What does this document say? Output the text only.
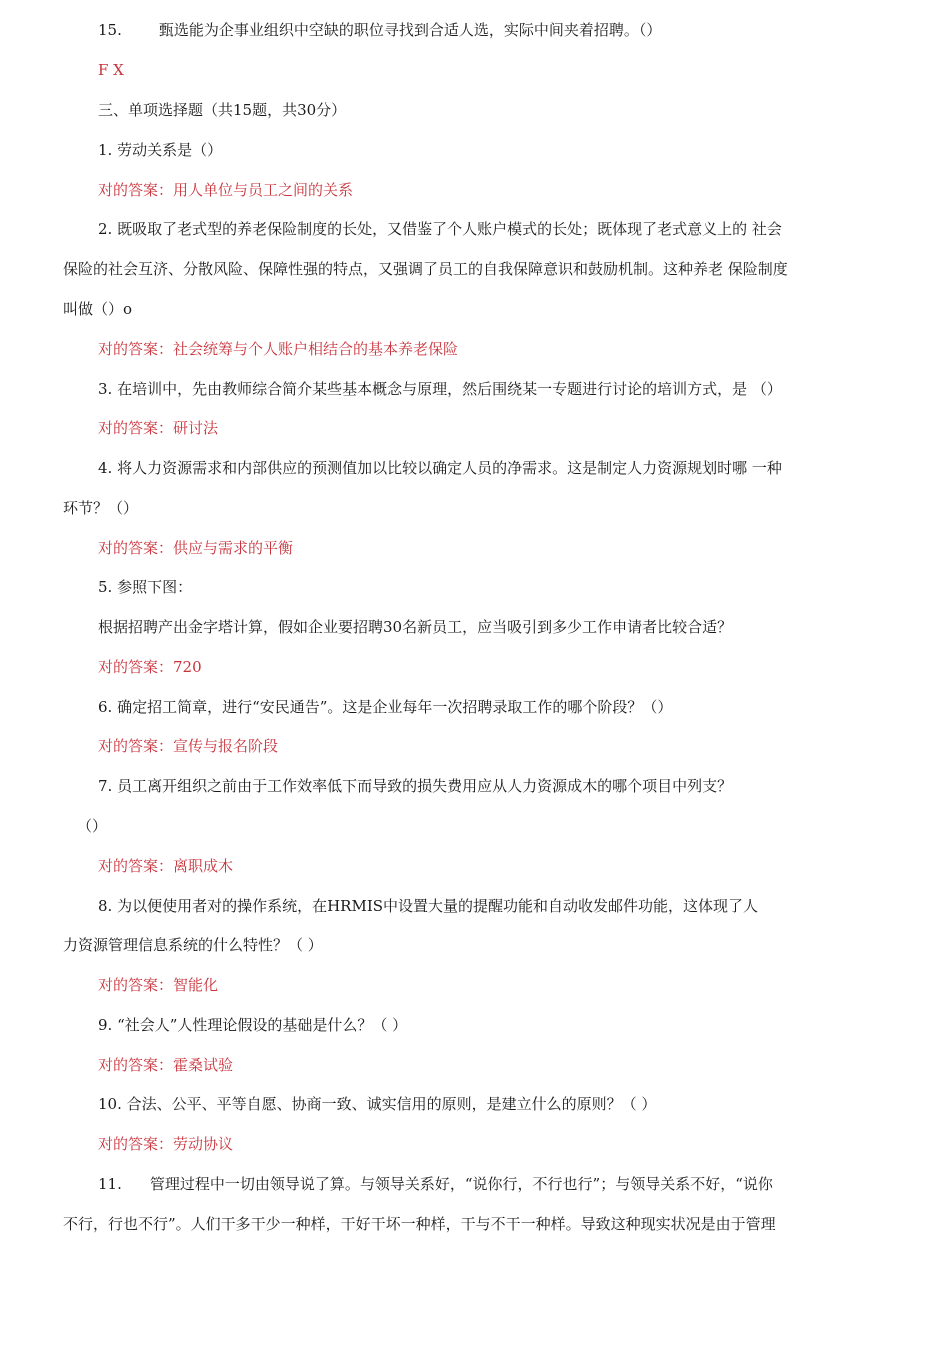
15. 甄选能为企事业组织中空缺的职位寻找到合适人选，实际中间夹着招聘。（）
F X
三、单项选择题（共15题，共30分）
1. 劳动关系是（）
对的答案：用人单位与员工之间的关系
2. 既吸取了老式型的养老保险制度的长处，又借鉴了个人账户模式的长处；既体现了老式意义上的 社会
保险的社会互济、分散风险、保障性强的特点，又强调了员工的自我保障意识和鼓励机制。这种养老 保险制度
叫做（）o
对的答案：社会统筹与个人账户相结合的基本养老保险
3. 在培训中，先由教师综合简介某些基本概念与原理，然后围绕某一专题进行讨论的培训方式，是 （）
对的答案：研讨法
4. 将人力资源需求和内部供应的预测值加以比较以确定人员的净需求。这是制定人力资源规划时哪 一种
环节？（）
对的答案：供应与需求的平衡
5. 参照下图：
根据招聘产出金字塔计算，假如企业要招聘30名新员工，应当吸引到多少工作申请者比较合适？
对的答案：720
6. 确定招工简章，进行“安民通告”。这是企业每年一次招聘录取工作的哪个阶段？（）
对的答案：宣传与报名阶段
7. 员工离开组织之前由于工作效率低下而导致的损失费用应从人力资源成木的哪个项目中列支？
（）
对的答案：离职成木
8. 为以便使用者对的操作系统，在HRMIS中设置大量的提醒功能和自动收发邮件功能，这体现了人
力资源管理信息系统的什么特性？（ ）
对的答案：智能化
9. “社会人”人性理论假设的基础是什么？（ ）
对的答案：霍桑试验
10. 合法、公平、平等自愿、协商一致、诚实信用的原则，是建立什么的原则？（ ）
对的答案：劳动协议
11. 管理过程中一切由领导说了算。与领导关系好，“说你行，不行也行”；与领导关系不好，“说你
不行，行也不行”。人们干多干少一种样，干好干坏一种样，干与不干一种样。导致这种现实状况是由于管理
